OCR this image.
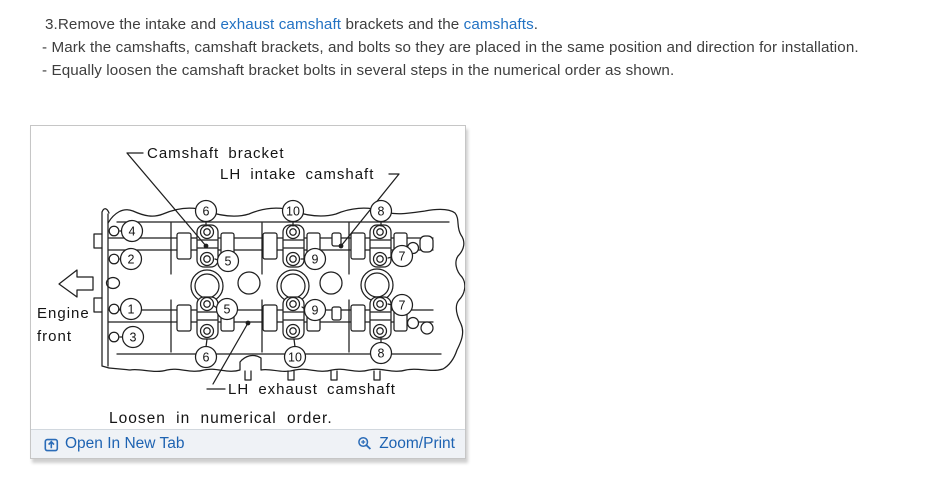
3.Remove the intake and exhaust camshaft brackets and the camshafts.
- Mark the camshafts, camshaft brackets, and bolts so they are placed in the same position and direction for installation.
- Equally loosen the camshaft bracket bolts in several steps in the numerical order as shown.
6	10	8
4
2	5	9	7
1
3
5	9	7
6	10	8
Camshaft bracket
LH intake camshaft
LH exhaust camshaft
Engine
front
Loosen in numerical order.
Open In New Tab	Zoom/Print
